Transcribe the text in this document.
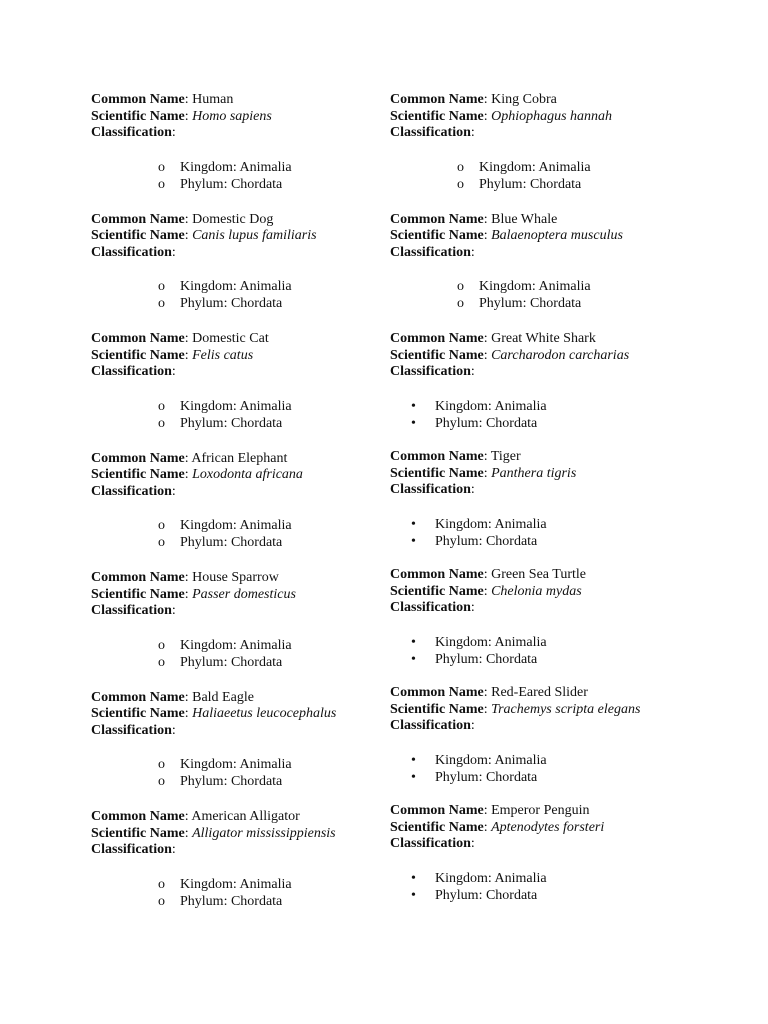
Common Name: Human
Scientific Name: Homo sapiens
Classification:
o Kingdom: Animalia
o Phylum: Chordata
Common Name: Domestic Dog
Scientific Name: Canis lupus familiaris
Classification:
o Kingdom: Animalia
o Phylum: Chordata
Common Name: Domestic Cat
Scientific Name: Felis catus
Classification:
o Kingdom: Animalia
o Phylum: Chordata
Common Name: African Elephant
Scientific Name: Loxodonta africana
Classification:
o Kingdom: Animalia
o Phylum: Chordata
Common Name: House Sparrow
Scientific Name: Passer domesticus
Classification:
o Kingdom: Animalia
o Phylum: Chordata
Common Name: Bald Eagle
Scientific Name: Haliaeetus leucocephalus
Classification:
o Kingdom: Animalia
o Phylum: Chordata
Common Name: American Alligator
Scientific Name: Alligator mississippiensis
Classification:
o Kingdom: Animalia
o Phylum: Chordata
Common Name: King Cobra
Scientific Name: Ophiophagus hannah
Classification:
o Kingdom: Animalia
o Phylum: Chordata
Common Name: Blue Whale
Scientific Name: Balaenoptera musculus
Classification:
o Kingdom: Animalia
o Phylum: Chordata
Common Name: Great White Shark
Scientific Name: Carcharodon carcharias
Classification:
• Kingdom: Animalia
• Phylum: Chordata
Common Name: Tiger
Scientific Name: Panthera tigris
Classification:
• Kingdom: Animalia
• Phylum: Chordata
Common Name: Green Sea Turtle
Scientific Name: Chelonia mydas
Classification:
• Kingdom: Animalia
• Phylum: Chordata
Common Name: Red-Eared Slider
Scientific Name: Trachemys scripta elegans
Classification:
• Kingdom: Animalia
• Phylum: Chordata
Common Name: Emperor Penguin
Scientific Name: Aptenodytes forsteri
Classification:
• Kingdom: Animalia
• Phylum: Chordata
